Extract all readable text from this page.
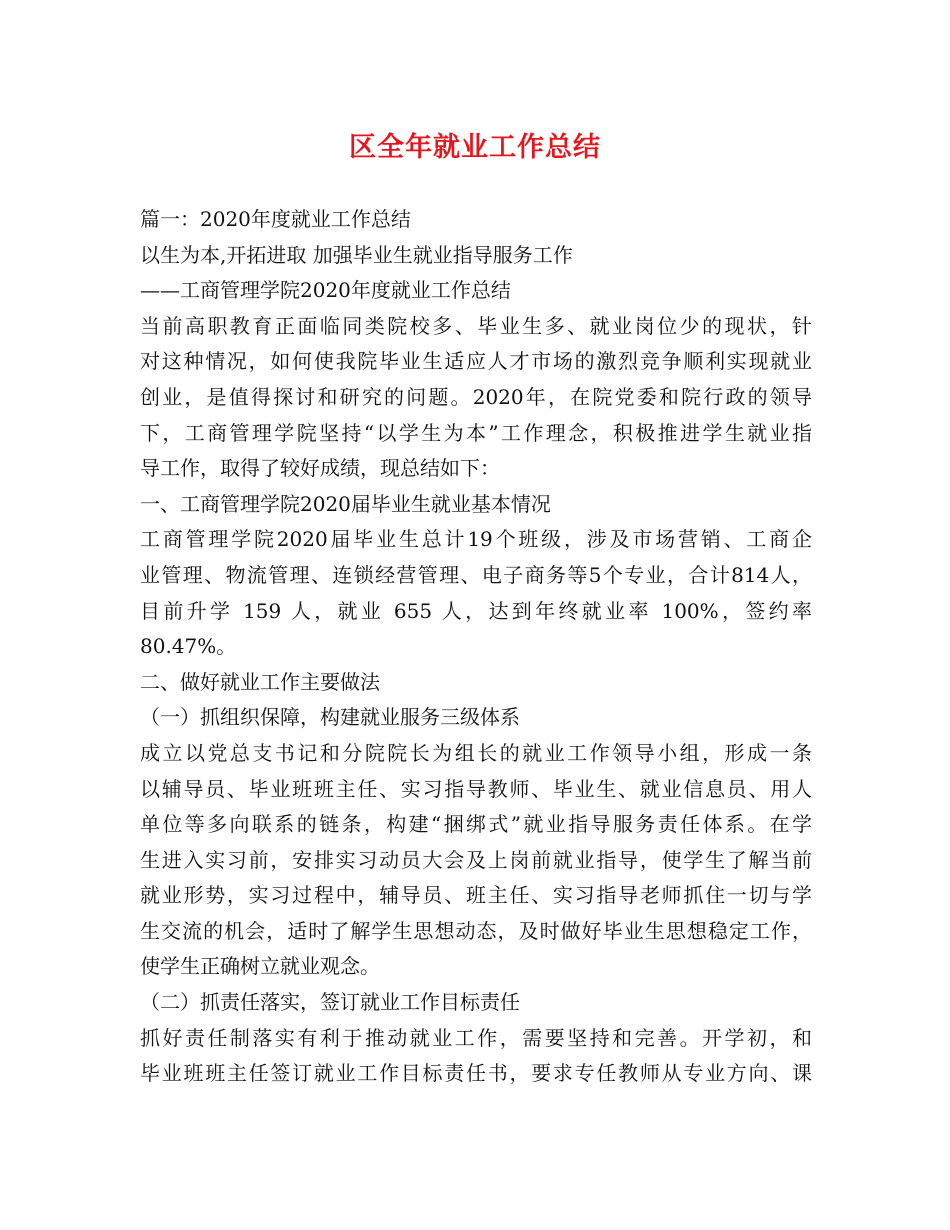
区全年就业工作总结
篇一：2020年度就业工作总结
以生为本,开拓进取 加强毕业生就业指导服务工作
——工商管理学院2020年度就业工作总结
当前高职教育正面临同类院校多、毕业生多、就业岗位少的现状，针
对这种情况，如何使我院毕业生适应人才市场的激烈竞争顺利实现就业
创业，是值得探讨和研究的问题。2020年，在院党委和院行政的领导
下，工商管理学院坚持“以学生为本”工作理念，积极推进学生就业指
导工作，取得了较好成绩，现总结如下：
一、工商管理学院2020届毕业生就业基本情况
工商管理学院2020届毕业生总计19个班级，涉及市场营销、工商企
业管理、物流管理、连锁经营管理、电子商务等5个专业，合计814人，
目前升学 159 人，就业 655 人，达到年终就业率 100%，签约率
80.47%。
二、做好就业工作主要做法
（一）抓组织保障，构建就业服务三级体系
成立以党总支书记和分院院长为组长的就业工作领导小组，形成一条
以辅导员、毕业班班主任、实习指导教师、毕业生、就业信息员、用人
单位等多向联系的链条，构建“捆绑式”就业指导服务责任体系。在学
生进入实习前，安排实习动员大会及上岗前就业指导，使学生了解当前
就业形势，实习过程中，辅导员、班主任、实习指导老师抓住一切与学
生交流的机会，适时了解学生思想动态，及时做好毕业生思想稳定工作，
使学生正确树立就业观念。
（二）抓责任落实，签订就业工作目标责任
抓好责任制落实有利于推动就业工作，需要坚持和完善。开学初，和
毕业班班主任签订就业工作目标责任书，要求专任教师从专业方向、课
